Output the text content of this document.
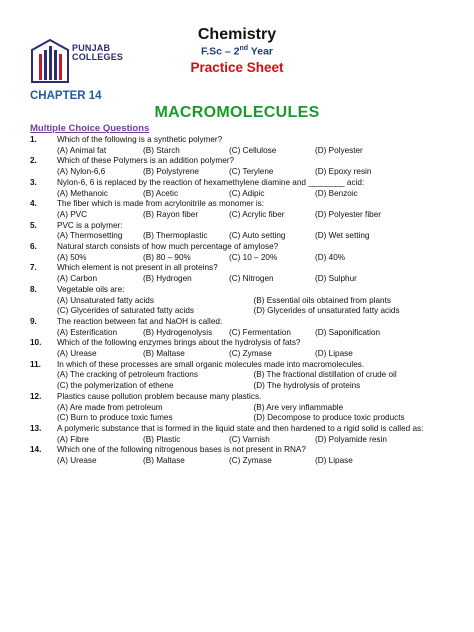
PUNJAB
COLLEGES
Chemistry
F.Sc – 2nd Year
Practice Sheet
CHAPTER 14
MACROMOLECULES
Multiple Choice Questions
1.	Which of the following is a synthetic polymer?
(A) Animal fat	(B) Starch	(C) Cellulose	(D) Polyester
2.	Which of these Polymers is an addition polymer?
(A) Nylon-6,6	(B) Polystyrene	(C) Terylene	(D) Epoxy resin
3.	Nylon-6, 6 is replaced by the reaction of hexamethylene diamine and ________ acid:
(A) Methanoic	(B) Acetic	(C) Adipic	(D) Benzoic
4.	The fiber which is made from acrylonitrile as monomer is:
(A) PVC	(B) Rayon fiber	(C) Acrylic fiber	(D) Polyester fiber
5.	PVC is a polymer:
(A) Thermosetting	(B) Thermoplastic	(C) Auto setting	(D) Wet setting
6.	Natural starch consists of how much percentage of amylose?
(A) 50%	(B) 80 – 90%	(C) 10 – 20%	(D) 40%
7.	Which element is not present in all proteins?
(A) Carbon	(B) Hydrogen	(C) Nitrogen	(D) Sulphur
8.	Vegetable oils are:
(A) Unsaturated fatty acids	(B) Essential oils obtained from plants
(C) Glycerides of saturated fatty acids	(D) Glycerides of unsaturated fatty acids
9.	The reaction between fat and NaOH is called:
(A) Esterification	(B) Hydrogenolysis	(C) Fermentation	(D) Saponification
10.	Which of the following enzymes brings about the hydrolysis of fats?
(A) Urease	(B) Maltase	(C) Zymase	(D) Lipase
11.	In which of these processes are small organic molecules made into macromolecules.
(A) The cracking of petroleum fractions	(B) The fractional distillation of crude oil
(C) the polymerization of ethene	(D) The hydrolysis of proteins
12.	Plastics cause pollution problem because many plastics.
(A) Are made from petroleum	(B) Are very inflammable
(C) Burn to produce toxic fumes	(D) Decompose to produce toxic products
13.	A polymeric substance that is formed in the liquid state and then hardened to a rigid solid is called as:
(A) Fibre	(B) Plastic	(C) Varnish	(D) Polyamide resin
14.	Which one of the following nitrogenous bases is not present in RNA?
(A) Urease	(B) Maltase	(C) Zymase	(D) Lipase
